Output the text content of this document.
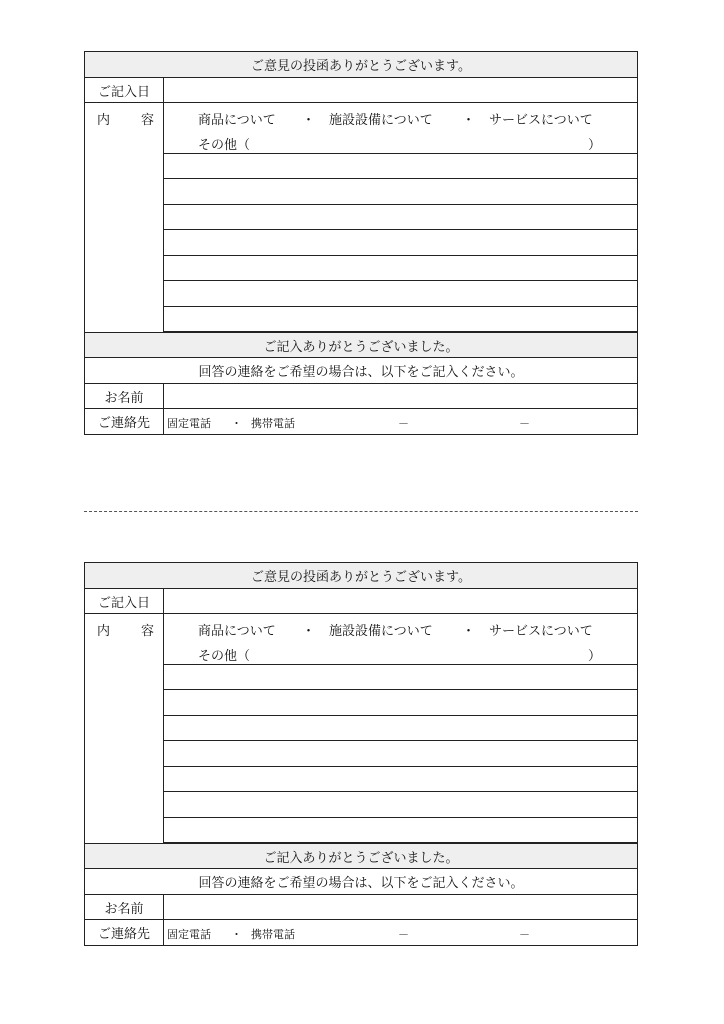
ご意見の投函ありがとうございます。
ご記入日
内 容	商品について ・ 施設設備について ・ サービスについて
その他（	）
ご記入ありがとうございました。
回答の連絡をご希望の場合は、以下をご記入ください。
お名前
ご連絡先	固定電話 ・ 携帯電話	－	－
ご意見の投函ありがとうございます。
ご記入日
内 容	商品について ・ 施設設備について ・ サービスについて
その他（	）
ご記入ありがとうございました。
回答の連絡をご希望の場合は、以下をご記入ください。
お名前
ご連絡先	固定電話 ・ 携帯電話	－	－
